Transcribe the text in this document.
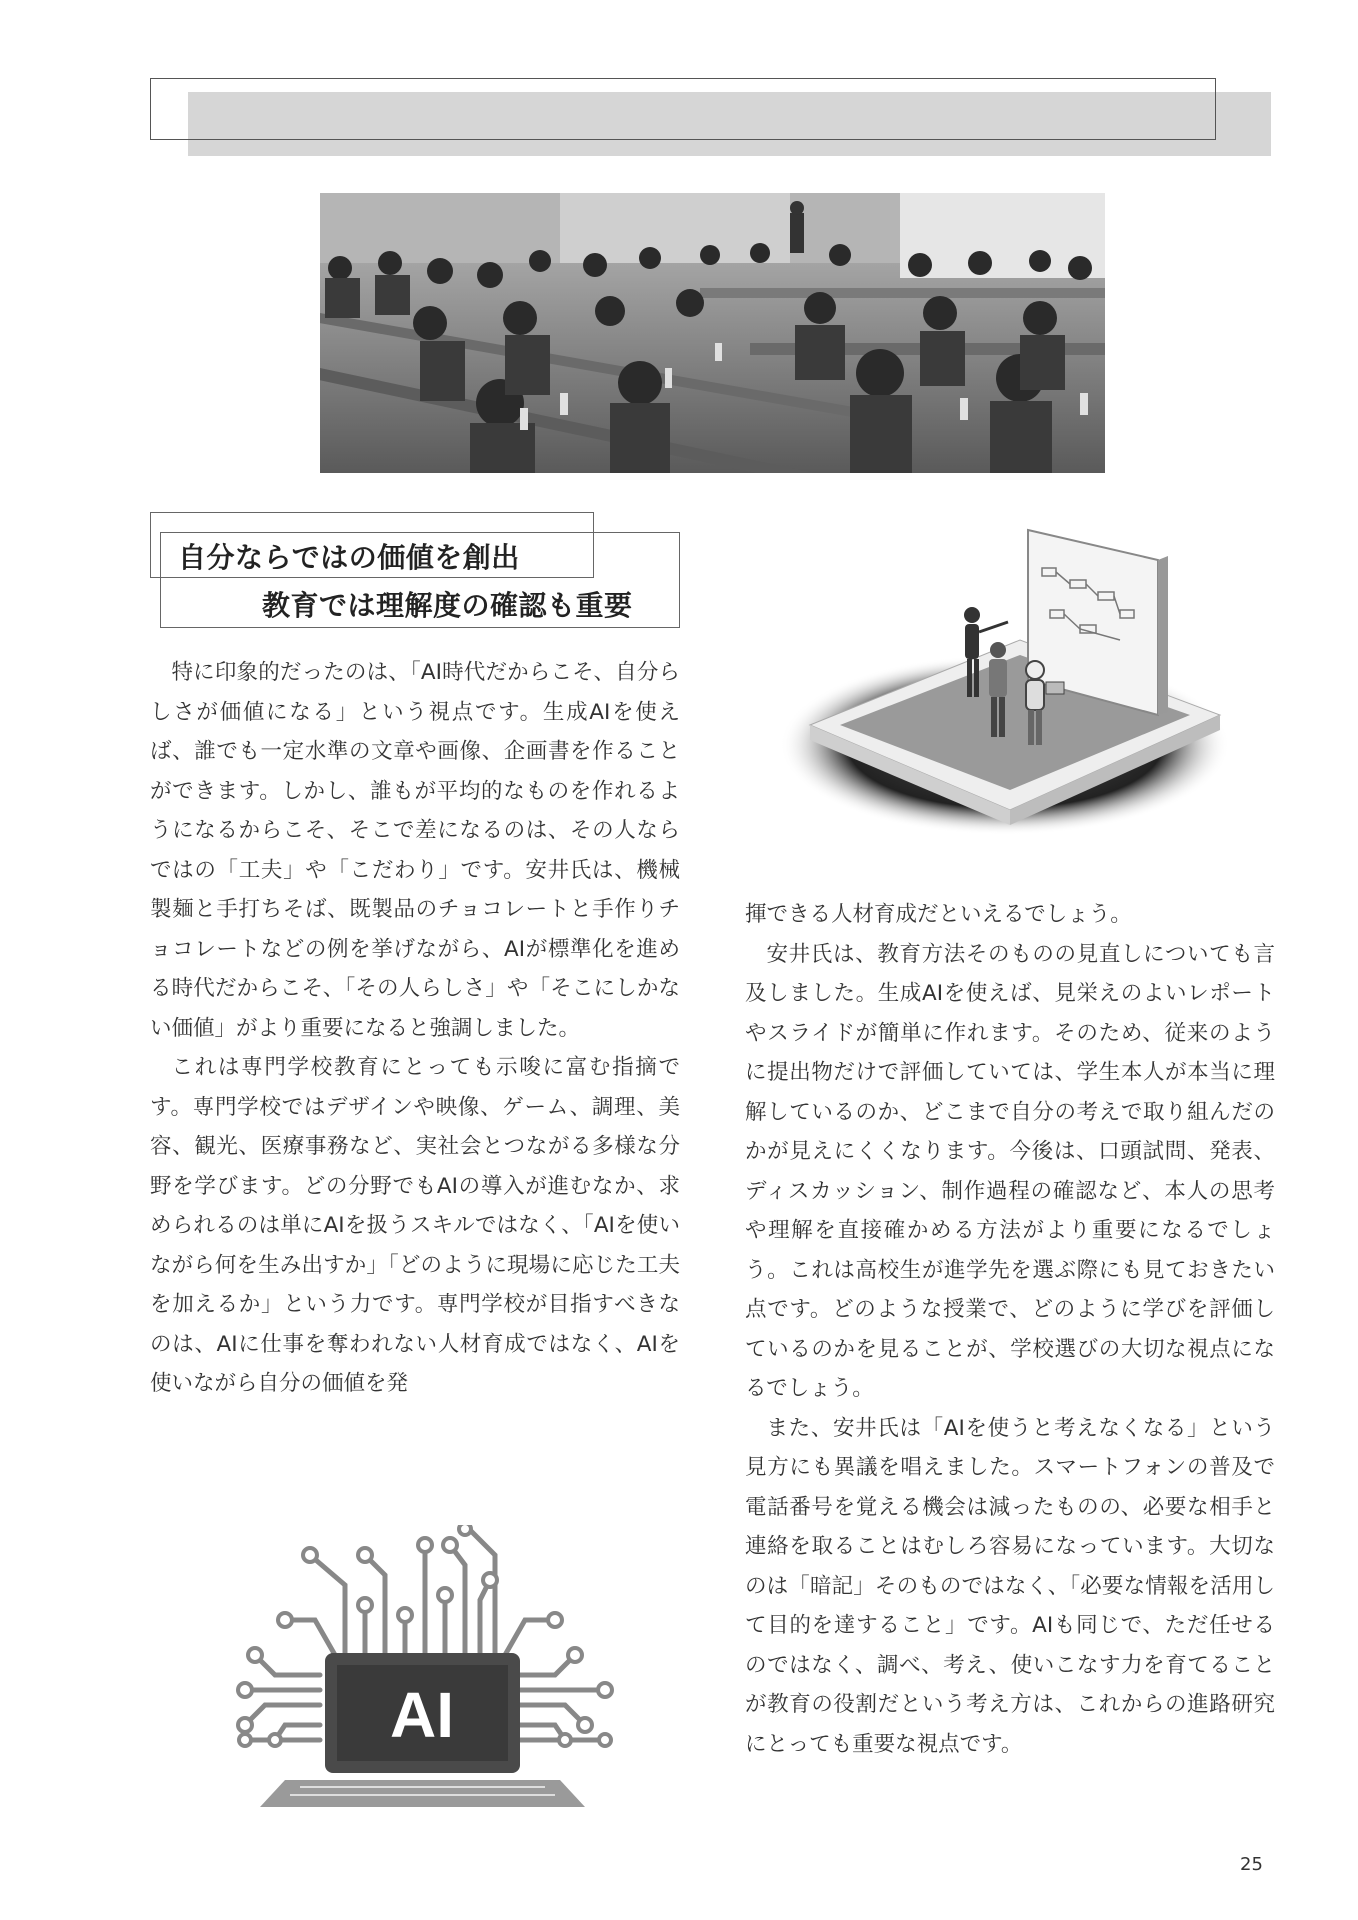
自分ならではの価値を創出
教育では理解度の確認も重要

特に印象的だったのは、「AI時代だからこそ、自分らしさが価値になる」という視点です。生成AIを使えば、誰でも一定水準の文章や画像、企画書を作ることができます。しかし、誰もが平均的なものを作れるようになるからこそ、そこで差になるのは、その人ならではの「工夫」や「こだわり」です。安井氏は、機械製麺と手打ちそば、既製品のチョコレートと手作りチョコレートなどの例を挙げながら、AIが標準化を進める時代だからこそ、「その人らしさ」や「そこにしかない価値」がより重要になると強調しました。

これは専門学校教育にとっても示唆に富む指摘です。専門学校ではデザインや映像、ゲーム、調理、美容、観光、医療事務など、実社会とつながる多様な分野を学びます。どの分野でもAIの導入が進むなか、求められるのは単にAIを扱うスキルではなく、「AIを使いながら何を生み出すか」「どのように現場に応じた工夫を加えるか」という力です。専門学校が目指すべきなのは、AIに仕事を奪われない人材育成ではなく、AIを使いながら自分の価値を発

揮できる人材育成だといえるでしょう。

安井氏は、教育方法そのものの見直しについても言及しました。生成AIを使えば、見栄えのよいレポートやスライドが簡単に作れます。そのため、従来のように提出物だけで評価していては、学生本人が本当に理解しているのか、どこまで自分の考えで取り組んだのかが見えにくくなります。今後は、口頭試問、発表、ディスカッション、制作過程の確認など、本人の思考や理解を直接確かめる方法がより重要になるでしょう。これは高校生が進学先を選ぶ際にも見ておきたい点です。どのような授業で、どのように学びを評価しているのかを見ることが、学校選びの大切な視点になるでしょう。

また、安井氏は「AIを使うと考えなくなる」という見方にも異議を唱えました。スマートフォンの普及で電話番号を覚える機会は減ったものの、必要な相手と連絡を取ることはむしろ容易になっています。大切なのは「暗記」そのものではなく、「必要な情報を活用して目的を達すること」です。AIも同じで、ただ任せるのではなく、調べ、考え、使いこなす力を育てることが教育の役割だという考え方は、これからの進路研究にとっても重要な視点です。

AI
25
